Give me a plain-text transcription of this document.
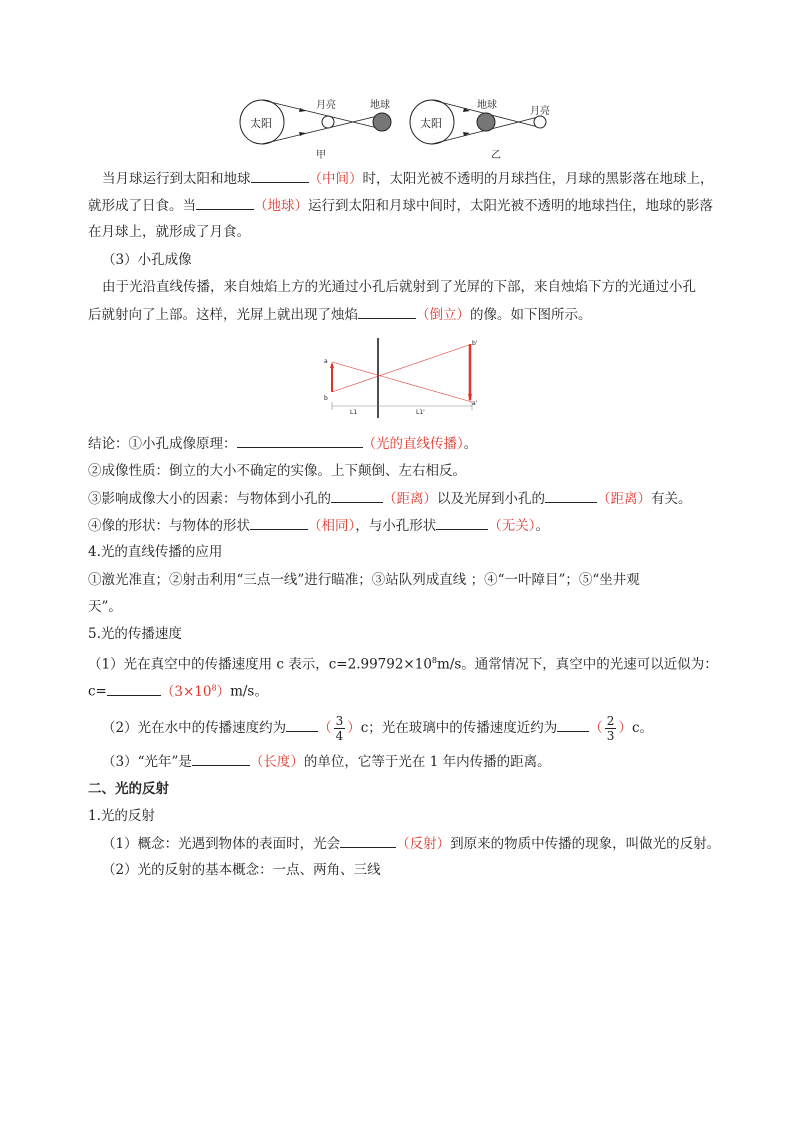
太阳
月亮	地球
甲
太阳
地球
月亮
乙
当月球运行到太阳和地球	（中间）时，太阳光被不透明的月球挡住，月球的黑影落在地球上，
就形成了日食。当	（地球）运行到太阳和月球中间时，太阳光被不透明的地球挡住，地球的影落
在月球上，就形成了月食。
（3）小孔成像
由于光沿直线传播，来自烛焰上方的光通过小孔后就射到了光屏的下部，来自烛焰下方的光通过小孔
后就射向了上部。这样，光屏上就出现了烛焰	（倒立）的像。如下图所示。
a
b
b'
a'
L1	L1'
结论：①小孔成像原理：	（光的直线传播）。
②成像性质：倒立的大小不确定的实像。上下颠倒、左右相反。
③影响成像大小的因素：与物体到小孔的	（距离）以及光屏到小孔的	（距离）有关。
④像的形状：与物体的形状	（相同），与小孔形状	（无关）。
4.光的直线传播的应用
①激光准直；②射击利用“三点一线”进行瞄准；③站队列成直线 ；④“一叶障目”；⑤“坐井观
天”。
5.光的传播速度
（1）光在真空中的传播速度用 c 表示，$c=2.99792\times 10^8m/s$。通常情况下，真空中的光速可以近似为：
c=	$(3\times 10^8)m/s$。
（2）光在水中的传播速度约为 （ $\frac{3}{4} )c$；光在玻璃中的传播速度近约为 （ $\frac{2}{3} )c$。
（3）“光年”是	（长度）的单位，它等于光在 1 年内传播的距离。
二、光的反射
1.光的反射
（1）概念：光遇到物体的表面时，光会	（反射）到原来的物质中传播的现象，叫做光的反射。
（2）光的反射的基本概念：一点、两角、三线
